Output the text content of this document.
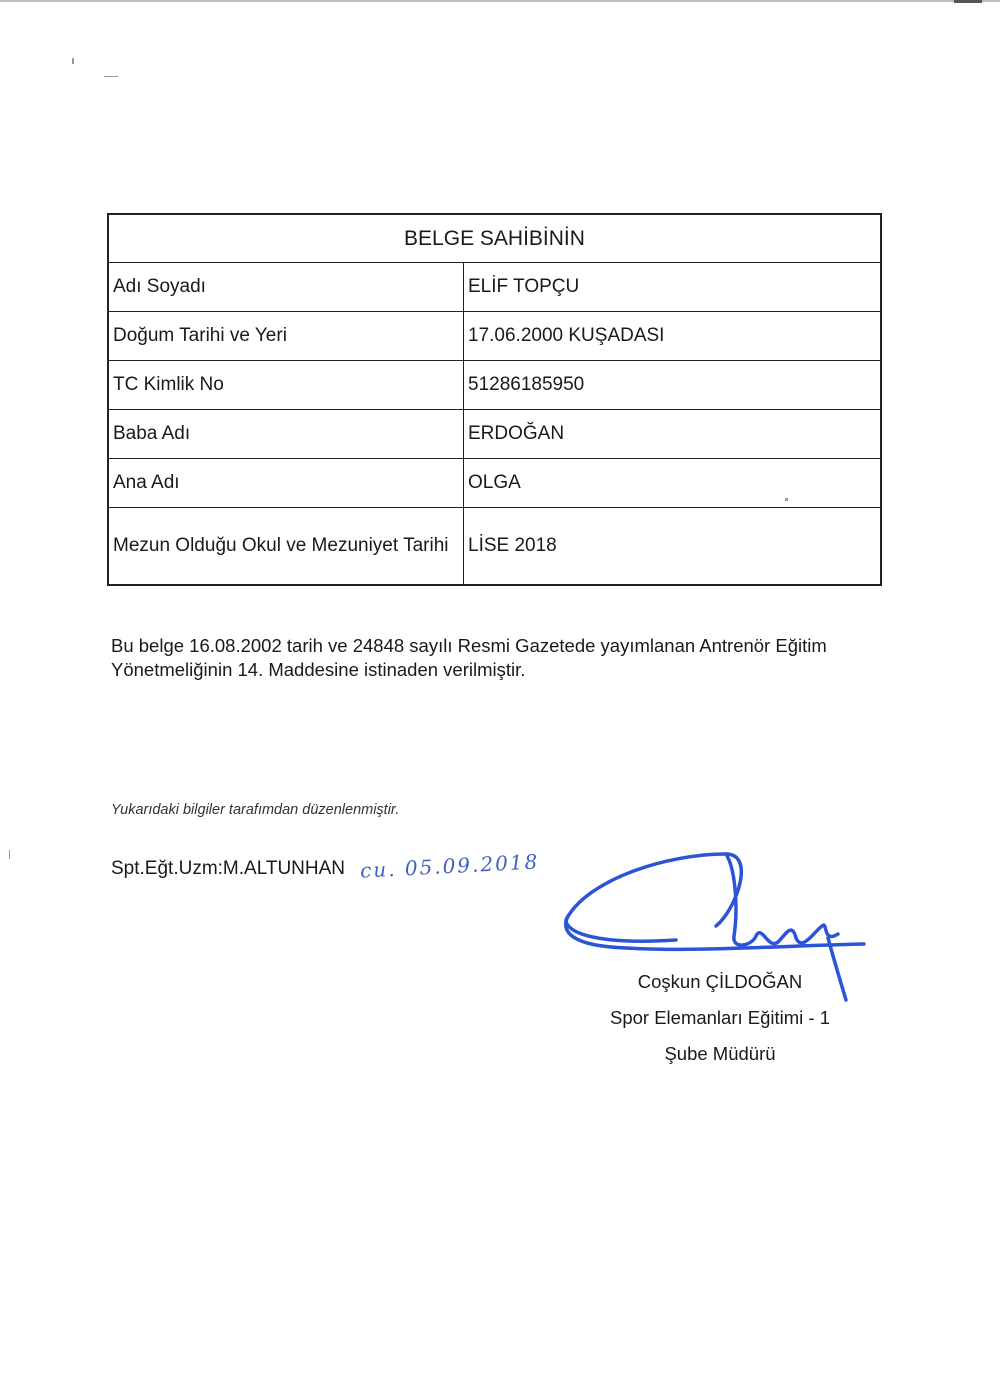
BELGE SAHİBİNİN	
Adı Soyadı	ELİF TOPÇU
Doğum Tarihi ve Yeri	17.06.2000 KUŞADASI
TC Kimlik No	51286185950
Baba Adı	ERDOĞAN
Ana Adı	OLGA
Mezun Olduğu Okul ve Mezuniyet Tarihi	LİSE 2018
Bu belge 16.08.2002 tarih ve 24848 sayılı Resmi Gazetede yayımlanan Antrenör Eğitim Yönetmeliğinin 14. Maddesine istinaden verilmiştir.
Yukarıdaki bilgiler tarafımdan düzenlenmiştir.
Spt.Eğt.Uzm:M.ALTUNHAN cu. 05.09.2018
Coşkun ÇİLDOĞAN
Spor Elemanları Eğitimi - 1
Şube Müdürü
